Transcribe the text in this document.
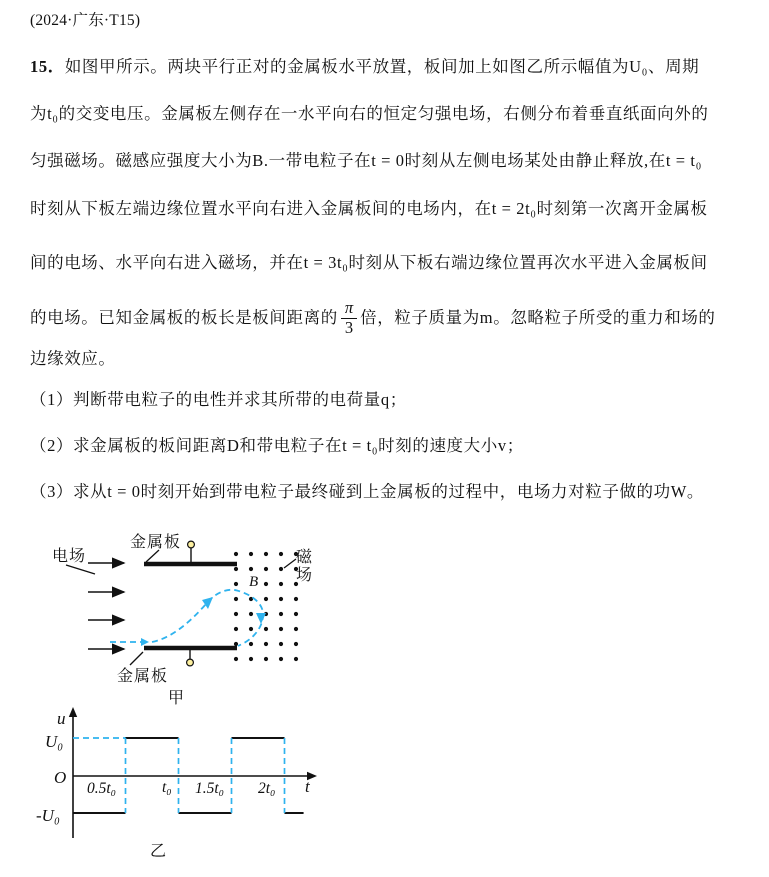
(2024·广东·T15)
15．如图甲所示。两块平行正对的金属板水平放置，板间加上如图乙所示幅值为U₀、周期
为t₀的交变电压。金属板左侧存在一水平向右的恒定匀强电场，右侧分布着垂直纸面向外的
匀强磁场。磁感应强度大小为B.一带电粒子在t = 0时刻从左侧电场某处由静止释放,在t = t₀
时刻从下板左端边缘位置水平向右进入金属板间的电场内，在t = 2t₀时刻第一次离开金属板
间的电场、水平向右进入磁场，并在t = 3t₀时刻从下板右端边缘位置再次水平进入金属板间
的电场。已知金属板的板长是板间距离的 $\frac{\pi}{3}$ 倍，粒子质量为m。忽略粒子所受的重力和场的
边缘效应。
（1）判断带电粒子的电性并求其所带的电荷量q；
（2）求金属板的板间距离D和带电粒子在t = t₀时刻的速度大小v；
（3）求从t = 0时刻开始到带电粒子最终碰到上金属板的过程中，电场力对粒子做的功W。
电场
金属板
金属板
B
磁
场
甲
u
U₀
O
-U₀
t
0.5t₀	t₀ 1.5t₀ 2t₀
乙
